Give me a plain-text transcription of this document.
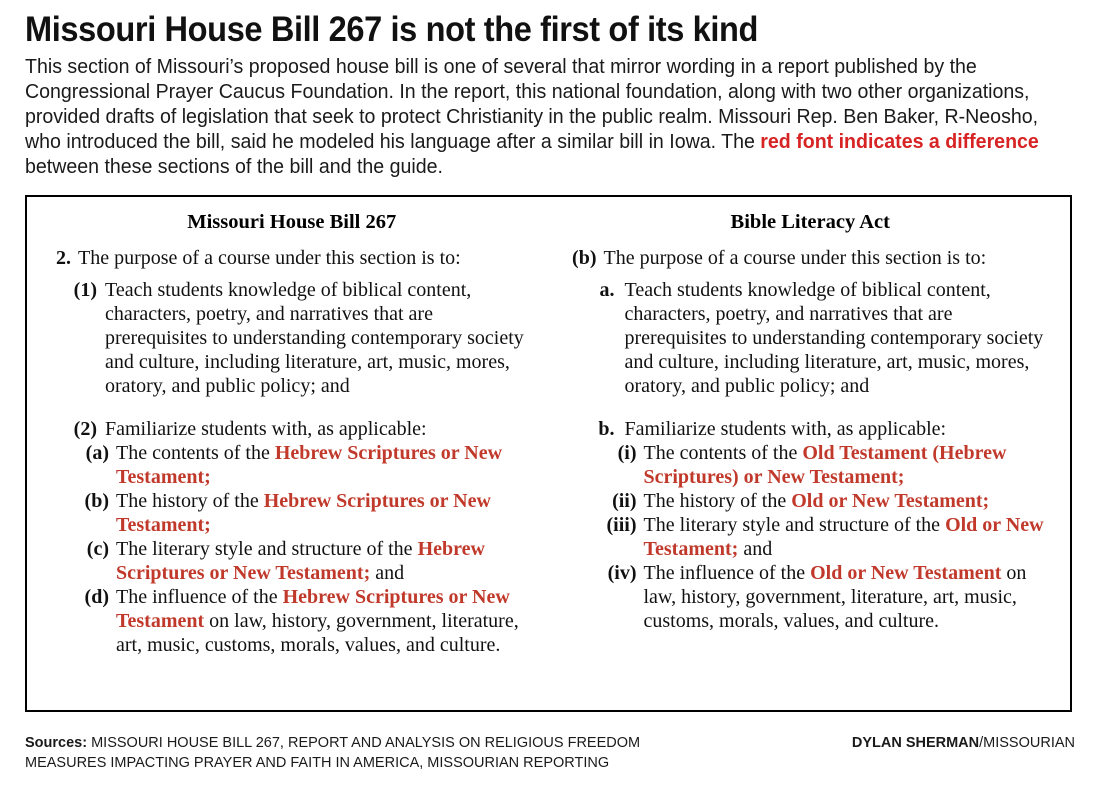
Missouri House Bill 267 is not the first of its kind

This section of Missouri’s proposed house bill is one of several that mirror wording in a report published by the Congressional Prayer Caucus Foundation. In the report, this national foundation, along with two other organizations, provided drafts of legislation that seek to protect Christianity in the public realm. Missouri Rep. Ben Baker, R-Neosho, who introduced the bill, said he modeled his language after a similar bill in Iowa. The red font indicates a difference between these sections of the bill and the guide.

Missouri House Bill 267
2. The purpose of a course under this section is to:
(1) Teach students knowledge of biblical content, characters, poetry, and narratives that are prerequisites to understanding contemporary society and culture, including literature, art, music, mores, oratory, and public policy; and
(2) Familiarize students with, as applicable:
(a) The contents of the Hebrew Scriptures or New Testament;
(b) The history of the Hebrew Scriptures or New Testament;
(c) The literary style and structure of the Hebrew Scriptures or New Testament; and
(d) The influence of the Hebrew Scriptures or New Testament on law, history, government, literature, art, music, customs, morals, values, and culture.
Bible Literacy Act
(b) The purpose of a course under this section is to:
a. Teach students knowledge of biblical content, characters, poetry, and narratives that are prerequisites to understanding contemporary society and culture, including literature, art, music, mores, oratory, and public policy; and
b. Familiarize students with, as applicable:
(i) The contents of the Old Testament (Hebrew Scriptures) or New Testament;
(ii) The history of the Old or New Testament;
(iii) The literary style and structure of the Old or New Testament; and
(iv) The influence of the Old or New Testament on law, history, government, literature, art, music, customs, morals, values, and culture.
Sources: MISSOURI HOUSE BILL 267, REPORT AND ANALYSIS ON RELIGIOUS FREEDOM MEASURES IMPACTING PRAYER AND FAITH IN AMERICA, MISSOURIAN REPORTING
DYLAN SHERMAN/MISSOURIAN
